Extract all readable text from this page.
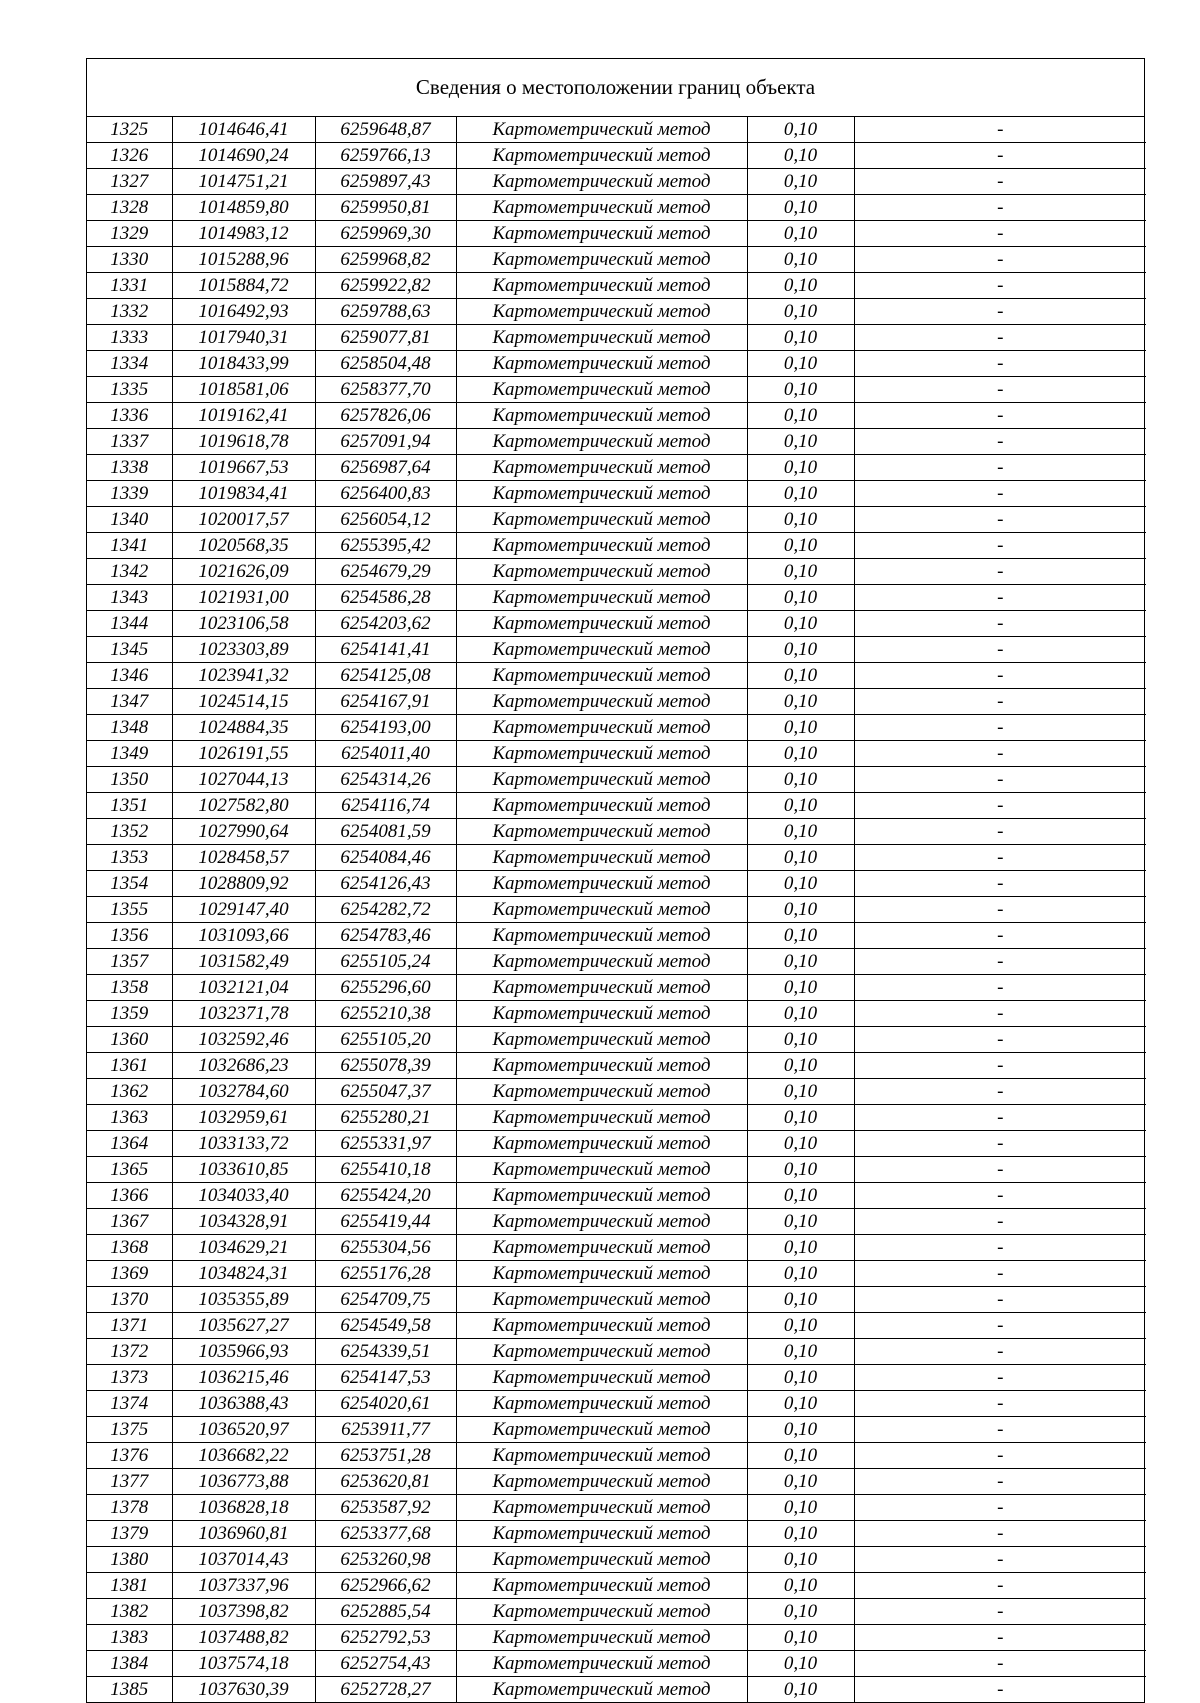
Сведения о местоположении границ объекта
1325	1014646,41	6259648,87	Картометрический метод	0,10	-
1326	1014690,24	6259766,13	Картометрический метод	0,10	-
1327	1014751,21	6259897,43	Картометрический метод	0,10	-
1328	1014859,80	6259950,81	Картометрический метод	0,10	-
1329	1014983,12	6259969,30	Картометрический метод	0,10	-
1330	1015288,96	6259968,82	Картометрический метод	0,10	-
1331	1015884,72	6259922,82	Картометрический метод	0,10	-
1332	1016492,93	6259788,63	Картометрический метод	0,10	-
1333	1017940,31	6259077,81	Картометрический метод	0,10	-
1334	1018433,99	6258504,48	Картометрический метод	0,10	-
1335	1018581,06	6258377,70	Картометрический метод	0,10	-
1336	1019162,41	6257826,06	Картометрический метод	0,10	-
1337	1019618,78	6257091,94	Картометрический метод	0,10	-
1338	1019667,53	6256987,64	Картометрический метод	0,10	-
1339	1019834,41	6256400,83	Картометрический метод	0,10	-
1340	1020017,57	6256054,12	Картометрический метод	0,10	-
1341	1020568,35	6255395,42	Картометрический метод	0,10	-
1342	1021626,09	6254679,29	Картометрический метод	0,10	-
1343	1021931,00	6254586,28	Картометрический метод	0,10	-
1344	1023106,58	6254203,62	Картометрический метод	0,10	-
1345	1023303,89	6254141,41	Картометрический метод	0,10	-
1346	1023941,32	6254125,08	Картометрический метод	0,10	-
1347	1024514,15	6254167,91	Картометрический метод	0,10	-
1348	1024884,35	6254193,00	Картометрический метод	0,10	-
1349	1026191,55	6254011,40	Картометрический метод	0,10	-
1350	1027044,13	6254314,26	Картометрический метод	0,10	-
1351	1027582,80	6254116,74	Картометрический метод	0,10	-
1352	1027990,64	6254081,59	Картометрический метод	0,10	-
1353	1028458,57	6254084,46	Картометрический метод	0,10	-
1354	1028809,92	6254126,43	Картометрический метод	0,10	-
1355	1029147,40	6254282,72	Картометрический метод	0,10	-
1356	1031093,66	6254783,46	Картометрический метод	0,10	-
1357	1031582,49	6255105,24	Картометрический метод	0,10	-
1358	1032121,04	6255296,60	Картометрический метод	0,10	-
1359	1032371,78	6255210,38	Картометрический метод	0,10	-
1360	1032592,46	6255105,20	Картометрический метод	0,10	-
1361	1032686,23	6255078,39	Картометрический метод	0,10	-
1362	1032784,60	6255047,37	Картометрический метод	0,10	-
1363	1032959,61	6255280,21	Картометрический метод	0,10	-
1364	1033133,72	6255331,97	Картометрический метод	0,10	-
1365	1033610,85	6255410,18	Картометрический метод	0,10	-
1366	1034033,40	6255424,20	Картометрический метод	0,10	-
1367	1034328,91	6255419,44	Картометрический метод	0,10	-
1368	1034629,21	6255304,56	Картометрический метод	0,10	-
1369	1034824,31	6255176,28	Картометрический метод	0,10	-
1370	1035355,89	6254709,75	Картометрический метод	0,10	-
1371	1035627,27	6254549,58	Картометрический метод	0,10	-
1372	1035966,93	6254339,51	Картометрический метод	0,10	-
1373	1036215,46	6254147,53	Картометрический метод	0,10	-
1374	1036388,43	6254020,61	Картометрический метод	0,10	-
1375	1036520,97	6253911,77	Картометрический метод	0,10	-
1376	1036682,22	6253751,28	Картометрический метод	0,10	-
1377	1036773,88	6253620,81	Картометрический метод	0,10	-
1378	1036828,18	6253587,92	Картометрический метод	0,10	-
1379	1036960,81	6253377,68	Картометрический метод	0,10	-
1380	1037014,43	6253260,98	Картометрический метод	0,10	-
1381	1037337,96	6252966,62	Картометрический метод	0,10	-
1382	1037398,82	6252885,54	Картометрический метод	0,10	-
1383	1037488,82	6252792,53	Картометрический метод	0,10	-
1384	1037574,18	6252754,43	Картометрический метод	0,10	-
1385	1037630,39	6252728,27	Картометрический метод	0,10	-
